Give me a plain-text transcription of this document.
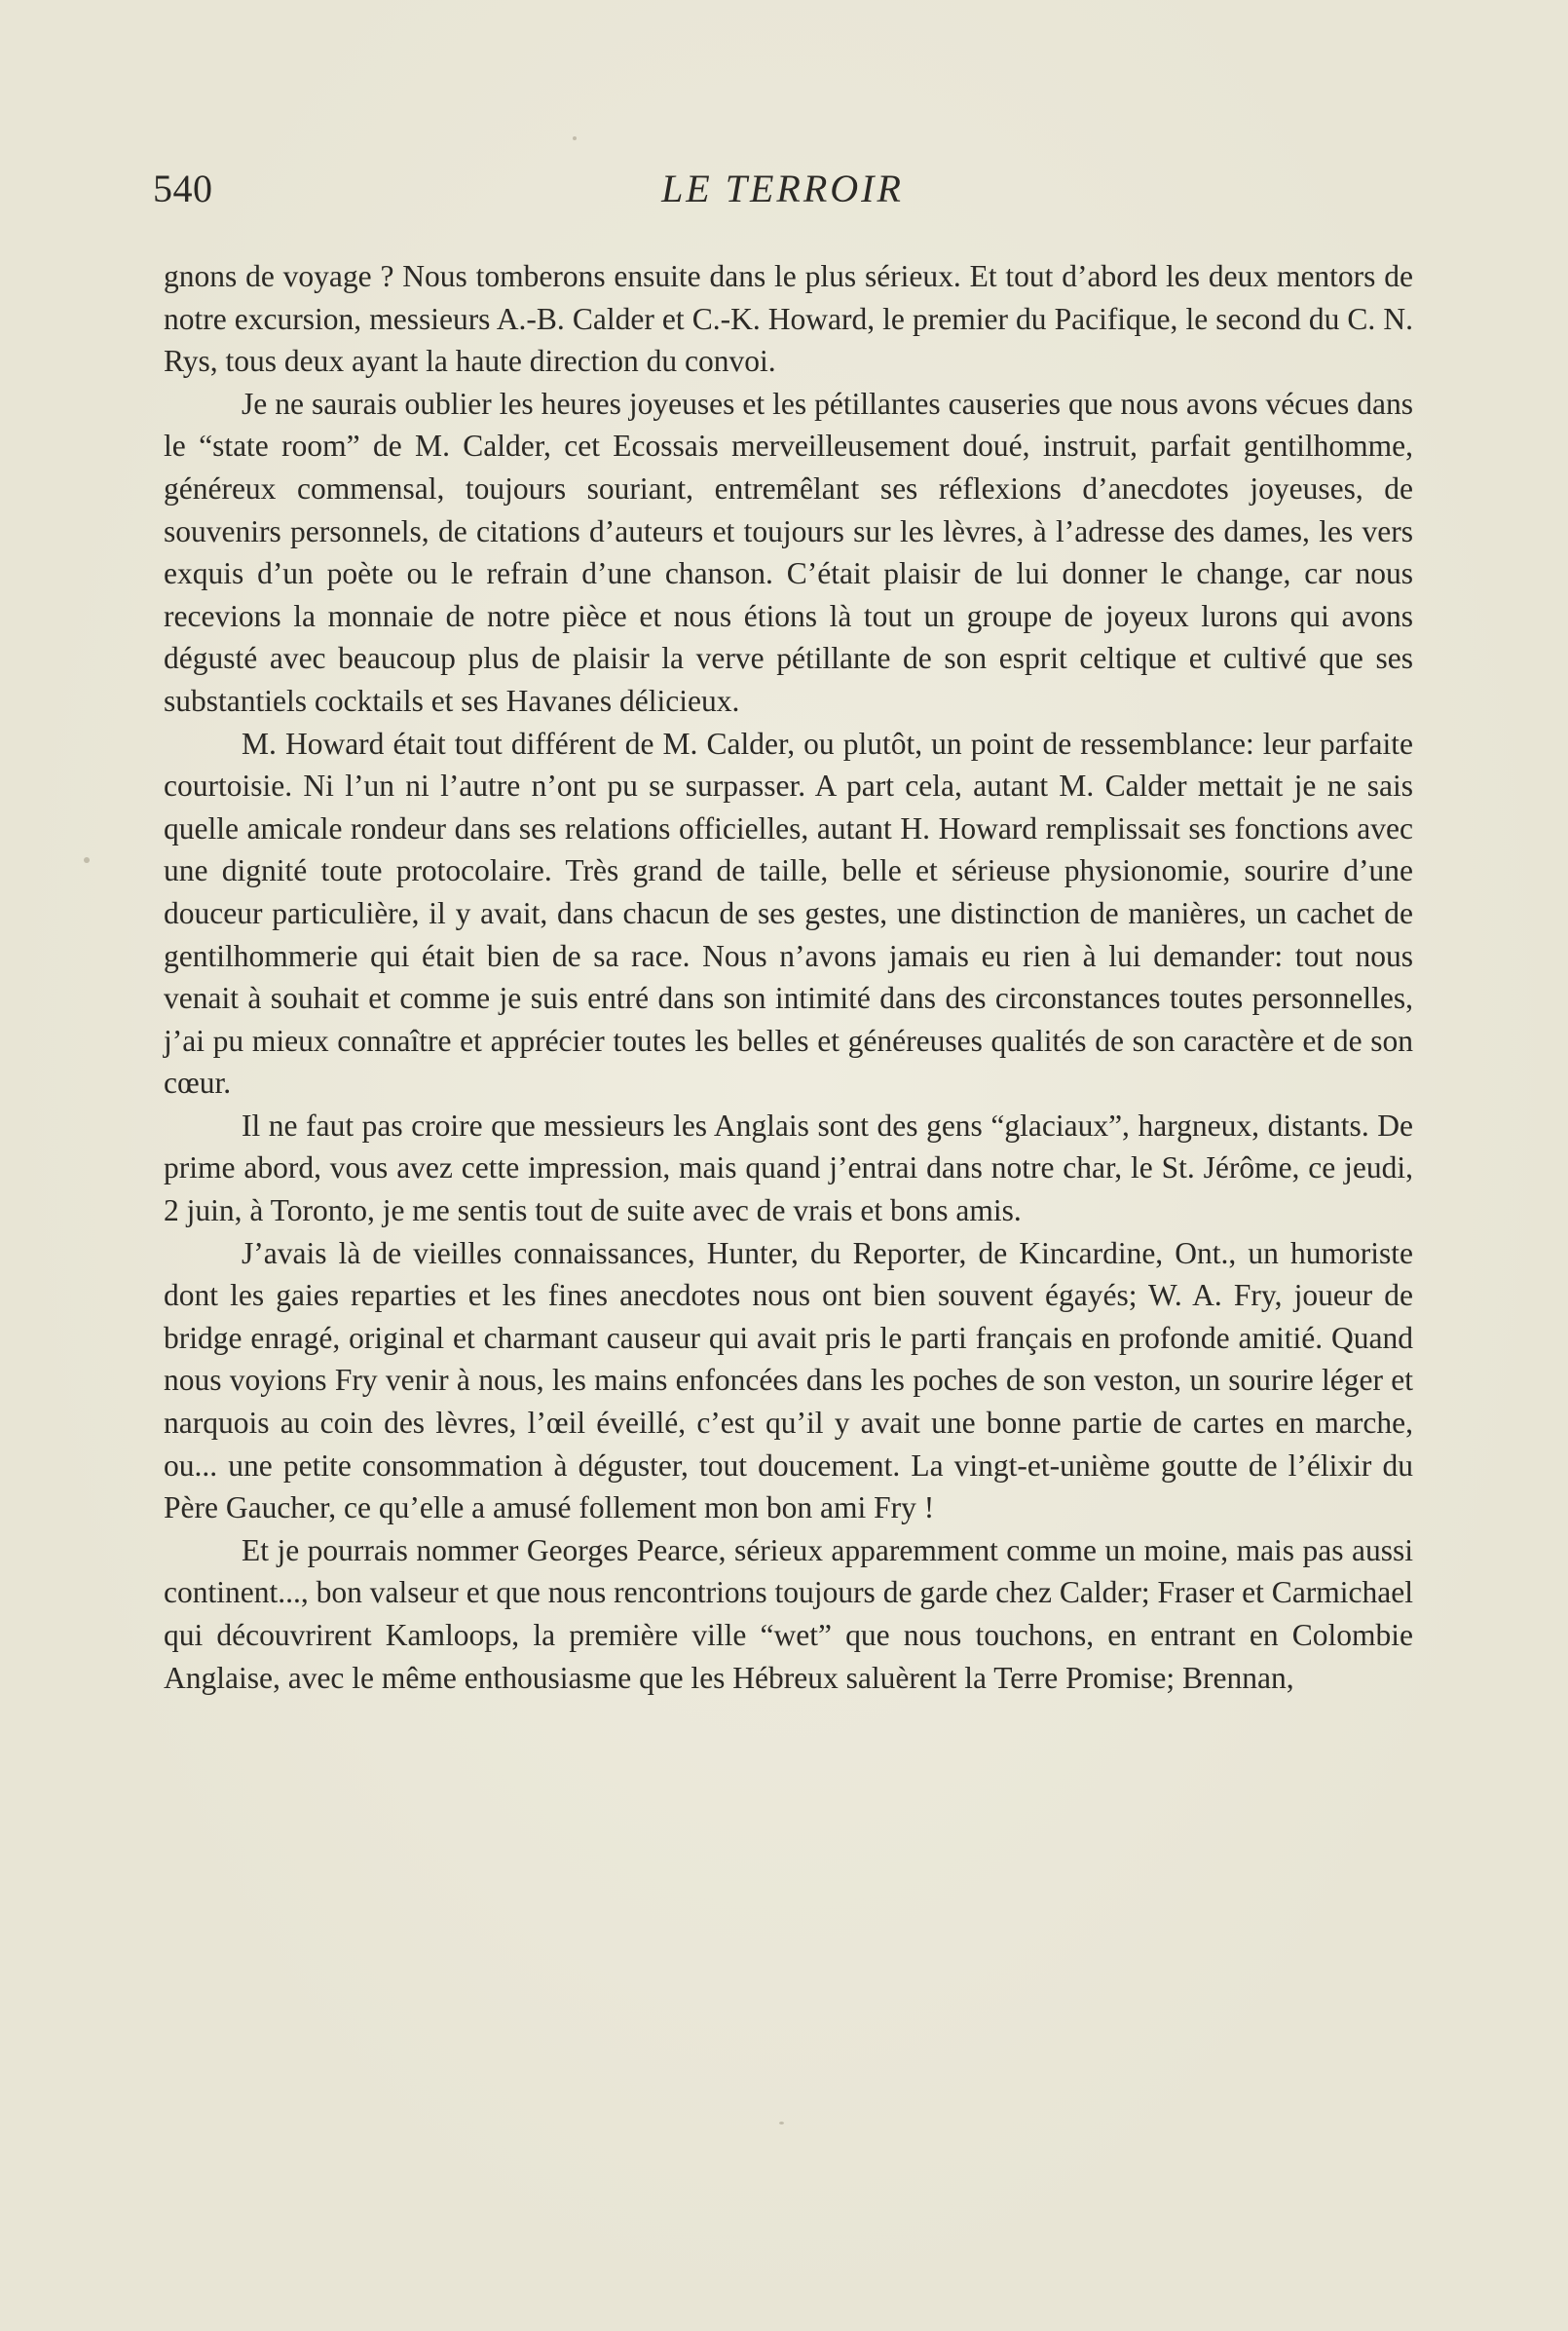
540	LE TERROIR

gnons de voyage ? Nous tomberons ensuite dans le plus sérieux. Et tout d’abord les deux mentors de notre excursion, messieurs A.-B. Calder et C.-K. Howard, le premier du Pacifique, le second du C. N. Rys, tous deux ayant la haute direction du convoi.

Je ne saurais oublier les heures joyeuses et les pétillantes causeries que nous avons vécues dans le “state room” de M. Calder, cet Ecossais merveilleusement doué, instruit, parfait gentilhomme, généreux commensal, toujours souriant, entremêlant ses réflexions d’anecdotes joyeuses, de souvenirs personnels, de citations d’auteurs et toujours sur les lèvres, à l’adresse des dames, les vers exquis d’un poète ou le refrain d’une chanson. C’était plaisir de lui donner le change, car nous recevions la monnaie de notre pièce et nous étions là tout un groupe de joyeux lurons qui avons dégusté avec beaucoup plus de plaisir la verve pétillante de son esprit celtique et cultivé que ses substantiels cocktails et ses Havanes délicieux.

M. Howard était tout différent de M. Calder, ou plutôt, un point de ressemblance: leur parfaite courtoisie. Ni l’un ni l’autre n’ont pu se surpasser. A part cela, autant M. Calder mettait je ne sais quelle amicale rondeur dans ses relations officielles, autant H. Howard remplissait ses fonctions avec une dignité toute protocolaire. Très grand de taille, belle et sérieuse physionomie, sourire d’une douceur particulière, il y avait, dans chacun de ses gestes, une distinction de manières, un cachet de gentilhommerie qui était bien de sa race. Nous n’avons jamais eu rien à lui demander: tout nous venait à souhait et comme je suis entré dans son intimité dans des circonstances toutes personnelles, j’ai pu mieux connaître et apprécier toutes les belles et généreuses qualités de son caractère et de son cœur.

Il ne faut pas croire que messieurs les Anglais sont des gens “glaciaux”, hargneux, distants. De prime abord, vous avez cette impression, mais quand j’entrai dans notre char, le St. Jérôme, ce jeudi, 2 juin, à Toronto, je me sentis tout de suite avec de vrais et bons amis.

J’avais là de vieilles connaissances, Hunter, du Reporter, de Kincardine, Ont., un humoriste dont les gaies reparties et les fines anecdotes nous ont bien souvent égayés; W. A. Fry, joueur de bridge enragé, original et charmant causeur qui avait pris le parti français en profonde amitié. Quand nous voyions Fry venir à nous, les mains enfoncées dans les poches de son veston, un sourire léger et narquois au coin des lèvres, l’œil éveillé, c’est qu’il y avait une bonne partie de cartes en marche, ou... une petite consommation à déguster, tout doucement. La vingt-et-unième goutte de l’élixir du Père Gaucher, ce qu’elle a amusé follement mon bon ami Fry !

Et je pourrais nommer Georges Pearce, sérieux apparemment comme un moine, mais pas aussi continent..., bon valseur et que nous rencontrions toujours de garde chez Calder; Fraser et Carmichael qui découvrirent Kamloops, la première ville “wet” que nous touchons, en entrant en Colombie Anglaise, avec le même enthousiasme que les Hébreux saluèrent la Terre Promise; Brennan,
